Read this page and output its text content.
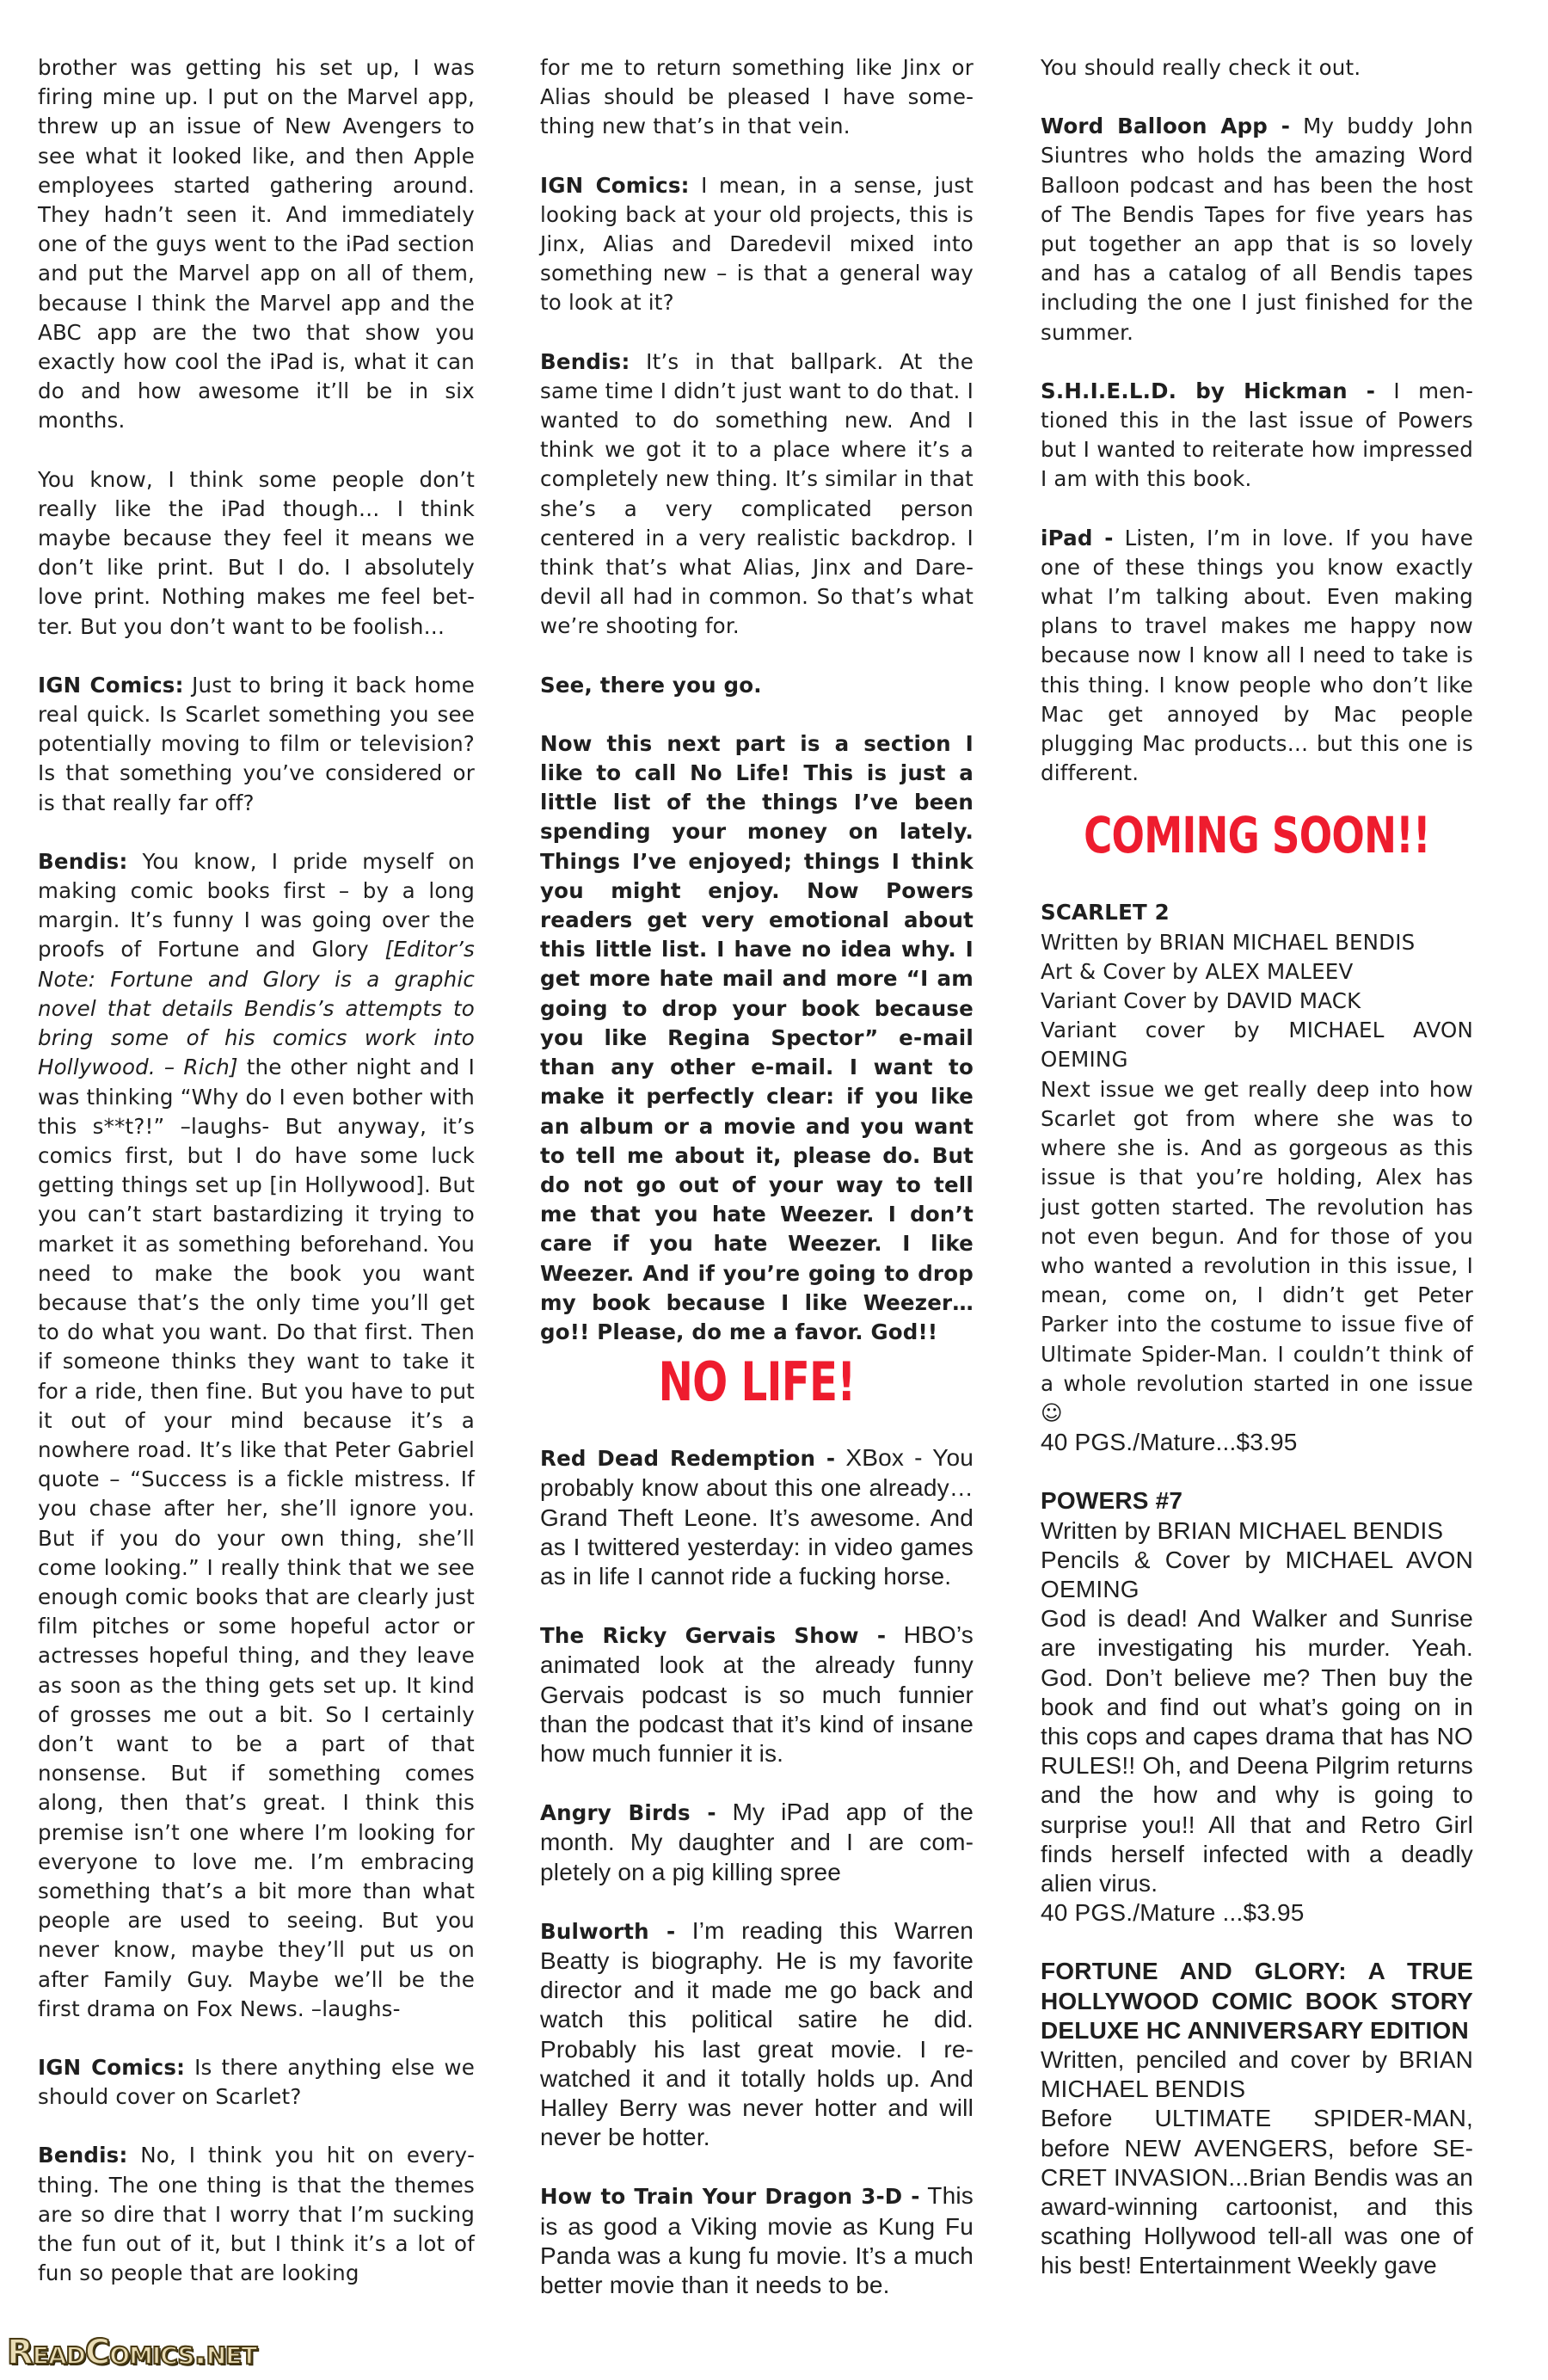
brother was getting his set up, I was firing mine up. I put on the Marvel app, threw up an issue of New Avengers to see what it looked like, and then Apple employees started gathering around. They hadn’t seen it. And immediately one of the guys went to the iPad section and put the Marvel app on all of them, because I think the Marvel app and the ABC app are the two that show you exactly how cool the iPad is, what it can do and how awesome it’ll be in six months.

You know, I think some people don’t really like the iPad though… I think maybe because they feel it means we don’t like print. But I do. I absolutely love print. Nothing makes me feel better. But you don’t want to be foolish…

IGN Comics: Just to bring it back home real quick. Is Scarlet something you see potentially moving to film or television? Is that something you’ve considered or is that really far off?

Bendis: You know, I pride myself on making comic books first – by a long margin. It’s funny I was going over the proofs of Fortune and Glory [Editor’s Note: Fortune and Glory is a graphic novel that details Bendis’s attempts to bring some of his comics work into Hollywood. – Rich] the other night and I was thinking “Why do I even bother with this s**t?!” –laughs- But anyway, it’s comics first, but I do have some luck getting things set up [in Hollywood]. But you can’t start bastardizing it trying to market it as something beforehand. You need to make the book you want because that’s the only time you’ll get to do what you want. Do that first. Then if someone thinks they want to take it for a ride, then fine. But you have to put it out of your mind because it’s a nowhere road. It’s like that Peter Gabriel quote – “Success is a fickle mistress. If you chase after her, she’ll ignore you. But if you do your own thing, she’ll come looking.” I really think that we see enough comic books that are clearly just film pitches or some hopeful actor or actresses hopeful thing, and they leave as soon as the thing gets set up. It kind of grosses me out a bit. So I certainly don’t want to be a part of that nonsense. But if something comes along, then that’s great. I think this premise isn’t one where I’m looking for everyone to love me. I’m embracing something that’s a bit more than what people are used to seeing. But you never know, maybe they’ll put us on after Family Guy. Maybe we’ll be the first drama on Fox News. –laughs-

IGN Comics: Is there anything else we should cover on Scarlet?

Bendis: No, I think you hit on everything. The one thing is that the themes are so dire that I worry that I’m sucking the fun out of it, but I think it’s a lot of fun so people that are looking

for me to return something like Jinx or Alias should be pleased I have something new that’s in that vein.

IGN Comics: I mean, in a sense, just looking back at your old projects, this is Jinx, Alias and Daredevil mixed into something new – is that a general way to look at it?

Bendis: It’s in that ballpark. At the same time I didn’t just want to do that. I wanted to do something new. And I think we got it to a place where it’s a completely new thing. It’s similar in that she’s a very complicated person centered in a very realistic backdrop. I think that’s what Alias, Jinx and Daredevil all had in common. So that’s what we’re shooting for.

See, there you go.

Now this next part is a section I like to call No Life! This is just a little list of the things I’ve been spending your money on lately. Things I’ve enjoyed; things I think you might enjoy. Now Powers readers get very emotional about this little list. I have no idea why. I get more hate mail and more “I am going to drop your book because you like Regina Spector” e-mail than any other e-mail. I want to make it perfectly clear: if you like an album or a movie and you want to tell me about it, please do. But do not go out of your way to tell me that you hate Weezer. I don’t care if you hate Weezer. I like Weezer. And if you’re going to drop my book because I like Weezer… go!! Please, do me a favor. God!!

NO LIFE!

Red Dead Redemption - XBox - You probably know about this one already… Grand Theft Leone. It’s awesome. And as I twittered yesterday: in video games as in life I cannot ride a fucking horse.

The Ricky Gervais Show - HBO’s animated look at the already funny Gervais podcast is so much funnier than the podcast that it’s kind of insane how much funnier it is.

Angry Birds - My iPad app of the month. My daughter and I are completely on a pig killing spree

Bulworth - I’m reading this Warren Beatty is biography. He is my favorite director and it made me go back and watch this political satire he did. Probably his last great movie. I rewatched it and it totally holds up. And Halley Berry was never hotter and will never be hotter.

How to Train Your Dragon 3-D - This is as good a Viking movie as Kung Fu Panda was a kung fu movie. It’s a much better movie than it needs to be.

You should really check it out.

Word Balloon App - My buddy John Siuntres who holds the amazing Word Balloon podcast and has been the host of The Bendis Tapes for five years has put together an app that is so lovely and has a catalog of all Bendis tapes including the one I just finished for the summer.

S.H.I.E.L.D. by Hickman - I mentioned this in the last issue of Powers but I wanted to reiterate how impressed I am with this book.

iPad - Listen, I’m in love. If you have one of these things you know exactly what I’m talking about. Even making plans to travel makes me happy now because now I know all I need to take is this thing. I know people who don’t like Mac get annoyed by Mac people plugging Mac products… but this one is different.

COMING SOON!!
SCARLET 2
Written by BRIAN MICHAEL BENDIS
Art & Cover by ALEX MALEEV
Variant Cover by DAVID MACK
Variant cover by MICHAEL AVON OEMING
Next issue we get really deep into how Scarlet got from where she was to where she is. And as gorgeous as this issue is that you’re holding, Alex has just gotten started. The revolution has not even begun. And for those of you who wanted a revolution in this issue, I mean, come on, I didn’t get Peter Parker into the costume to issue five of Ultimate Spider-Man. I couldn’t think of a whole revolution started in one issue ☺
40 PGS./Mature...$3.95
POWERS #7
Written by BRIAN MICHAEL BENDIS
Pencils & Cover by MICHAEL AVON OEMING
God is dead! And Walker and Sunrise are investigating his murder. Yeah. God. Don’t believe me? Then buy the book and find out what’s going on in this cops and capes drama that has NO RULES!! Oh, and Deena Pilgrim returns and the how and why is going to surprise you!! All that and Retro Girl finds herself infected with a deadly alien virus.
40 PGS./Mature ...$3.95
FORTUNE AND GLORY: A TRUE HOLLYWOOD COMIC BOOK STORY DELUXE HC ANNIVERSARY EDITION
Written, penciled and cover by BRIAN MICHAEL BENDIS
Before ULTIMATE SPIDER-MAN, before NEW AVENGERS, before SECRET INVASION...Brian Bendis was an award-winning cartoonist, and this scathing Hollywood tell-all was one of his best! Entertainment Weekly gave
ReadComics.net
